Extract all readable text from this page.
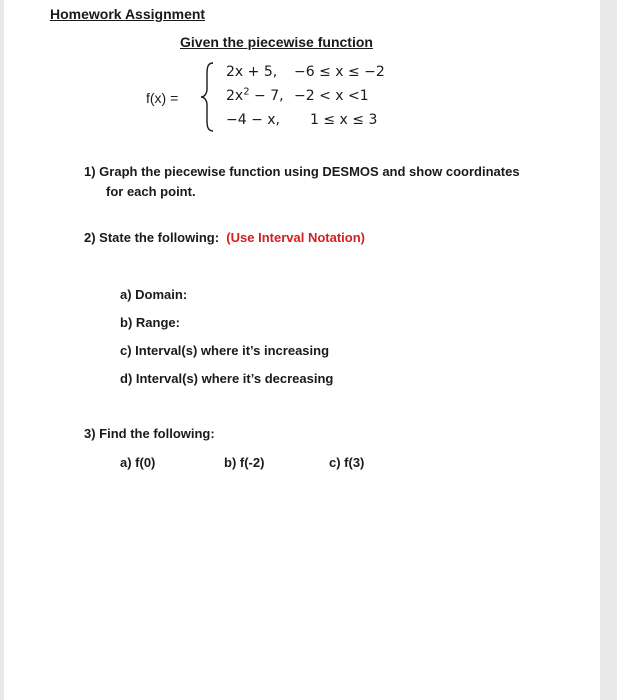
Homework Assignment
Given the piecewise function
f(x) =
2x + 5, −6 ≤ x ≤ −2
$2x^2 - 7$, −2 < x <1
−4 − x, 1 ≤ x ≤ 3
1) Graph the piecewise function using DESMOS and show coordinates
for each point.
2) State the following: (Use Interval Notation)
a) Domain:
b) Range:
c) Interval(s) where it’s increasing
d) Interval(s) where it’s decreasing
3) Find the following:
a) f(0)	b) f(-2)	c) f(3)
